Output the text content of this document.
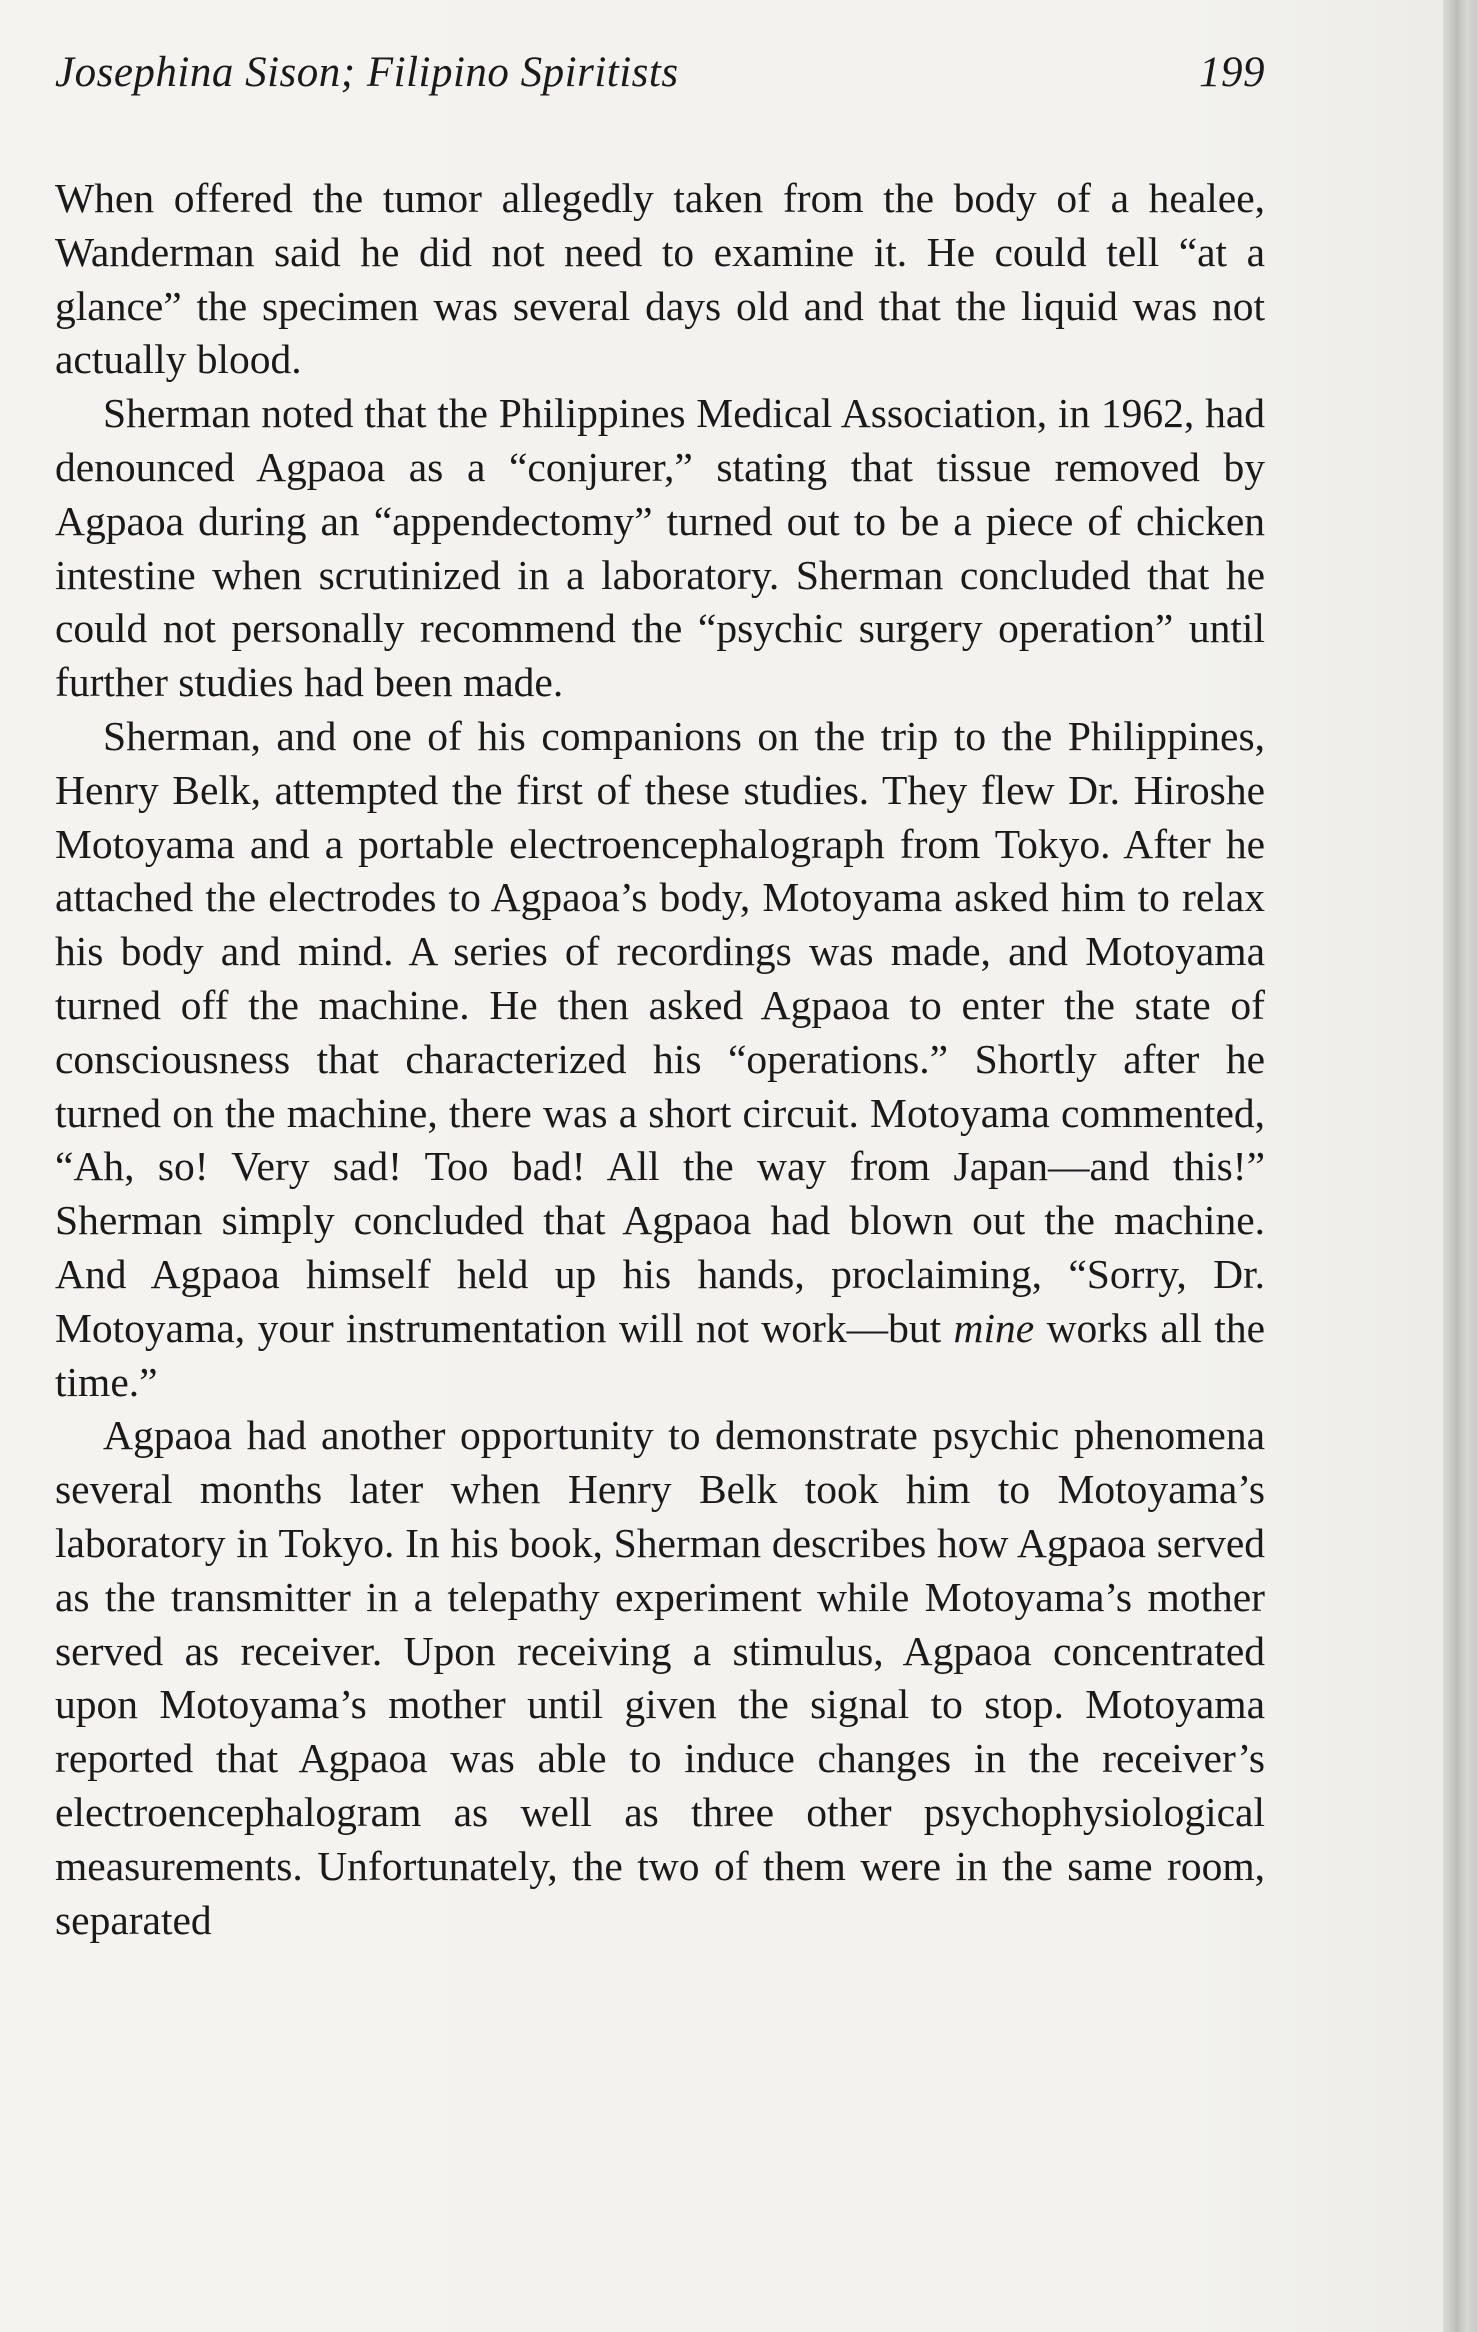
Josephina Sison; Filipino Spiritists	199

When offered the tumor allegedly taken from the body of a healee, Wanderman said he did not need to examine it. He could tell “at a glance” the specimen was several days old and that the liquid was not actually blood.

Sherman noted that the Philippines Medical Association, in 1962, had denounced Agpaoa as a “conjurer,” stating that tissue removed by Agpaoa during an “appendectomy” turned out to be a piece of chicken intestine when scrutinized in a laboratory. Sherman concluded that he could not personally recommend the “psychic surgery operation” until further studies had been made.

Sherman, and one of his companions on the trip to the Philippines, Henry Belk, attempted the first of these studies. They flew Dr. Hiroshe Motoyama and a portable electroencephalograph from Tokyo. After he attached the electrodes to Agpaoa’s body, Motoyama asked him to relax his body and mind. A series of recordings was made, and Motoyama turned off the machine. He then asked Agpaoa to enter the state of consciousness that characterized his “operations.” Shortly after he turned on the machine, there was a short circuit. Motoyama commented, “Ah, so! Very sad! Too bad! All the way from Japan—and this!” Sherman simply concluded that Agpaoa had blown out the machine. And Agpaoa himself held up his hands, proclaiming, “Sorry, Dr. Motoyama, your instrumentation will not work—but mine works all the time.”

Agpaoa had another opportunity to demonstrate psychic phenomena several months later when Henry Belk took him to Motoyama’s laboratory in Tokyo. In his book, Sherman describes how Agpaoa served as the transmitter in a telepathy experiment while Motoyama’s mother served as receiver. Upon receiving a stimulus, Agpaoa concentrated upon Motoyama’s mother until given the signal to stop. Motoyama reported that Agpaoa was able to induce changes in the receiver’s electroencephalogram as well as three other psychophysiological measurements. Unfortunately, the two of them were in the same room, separated
